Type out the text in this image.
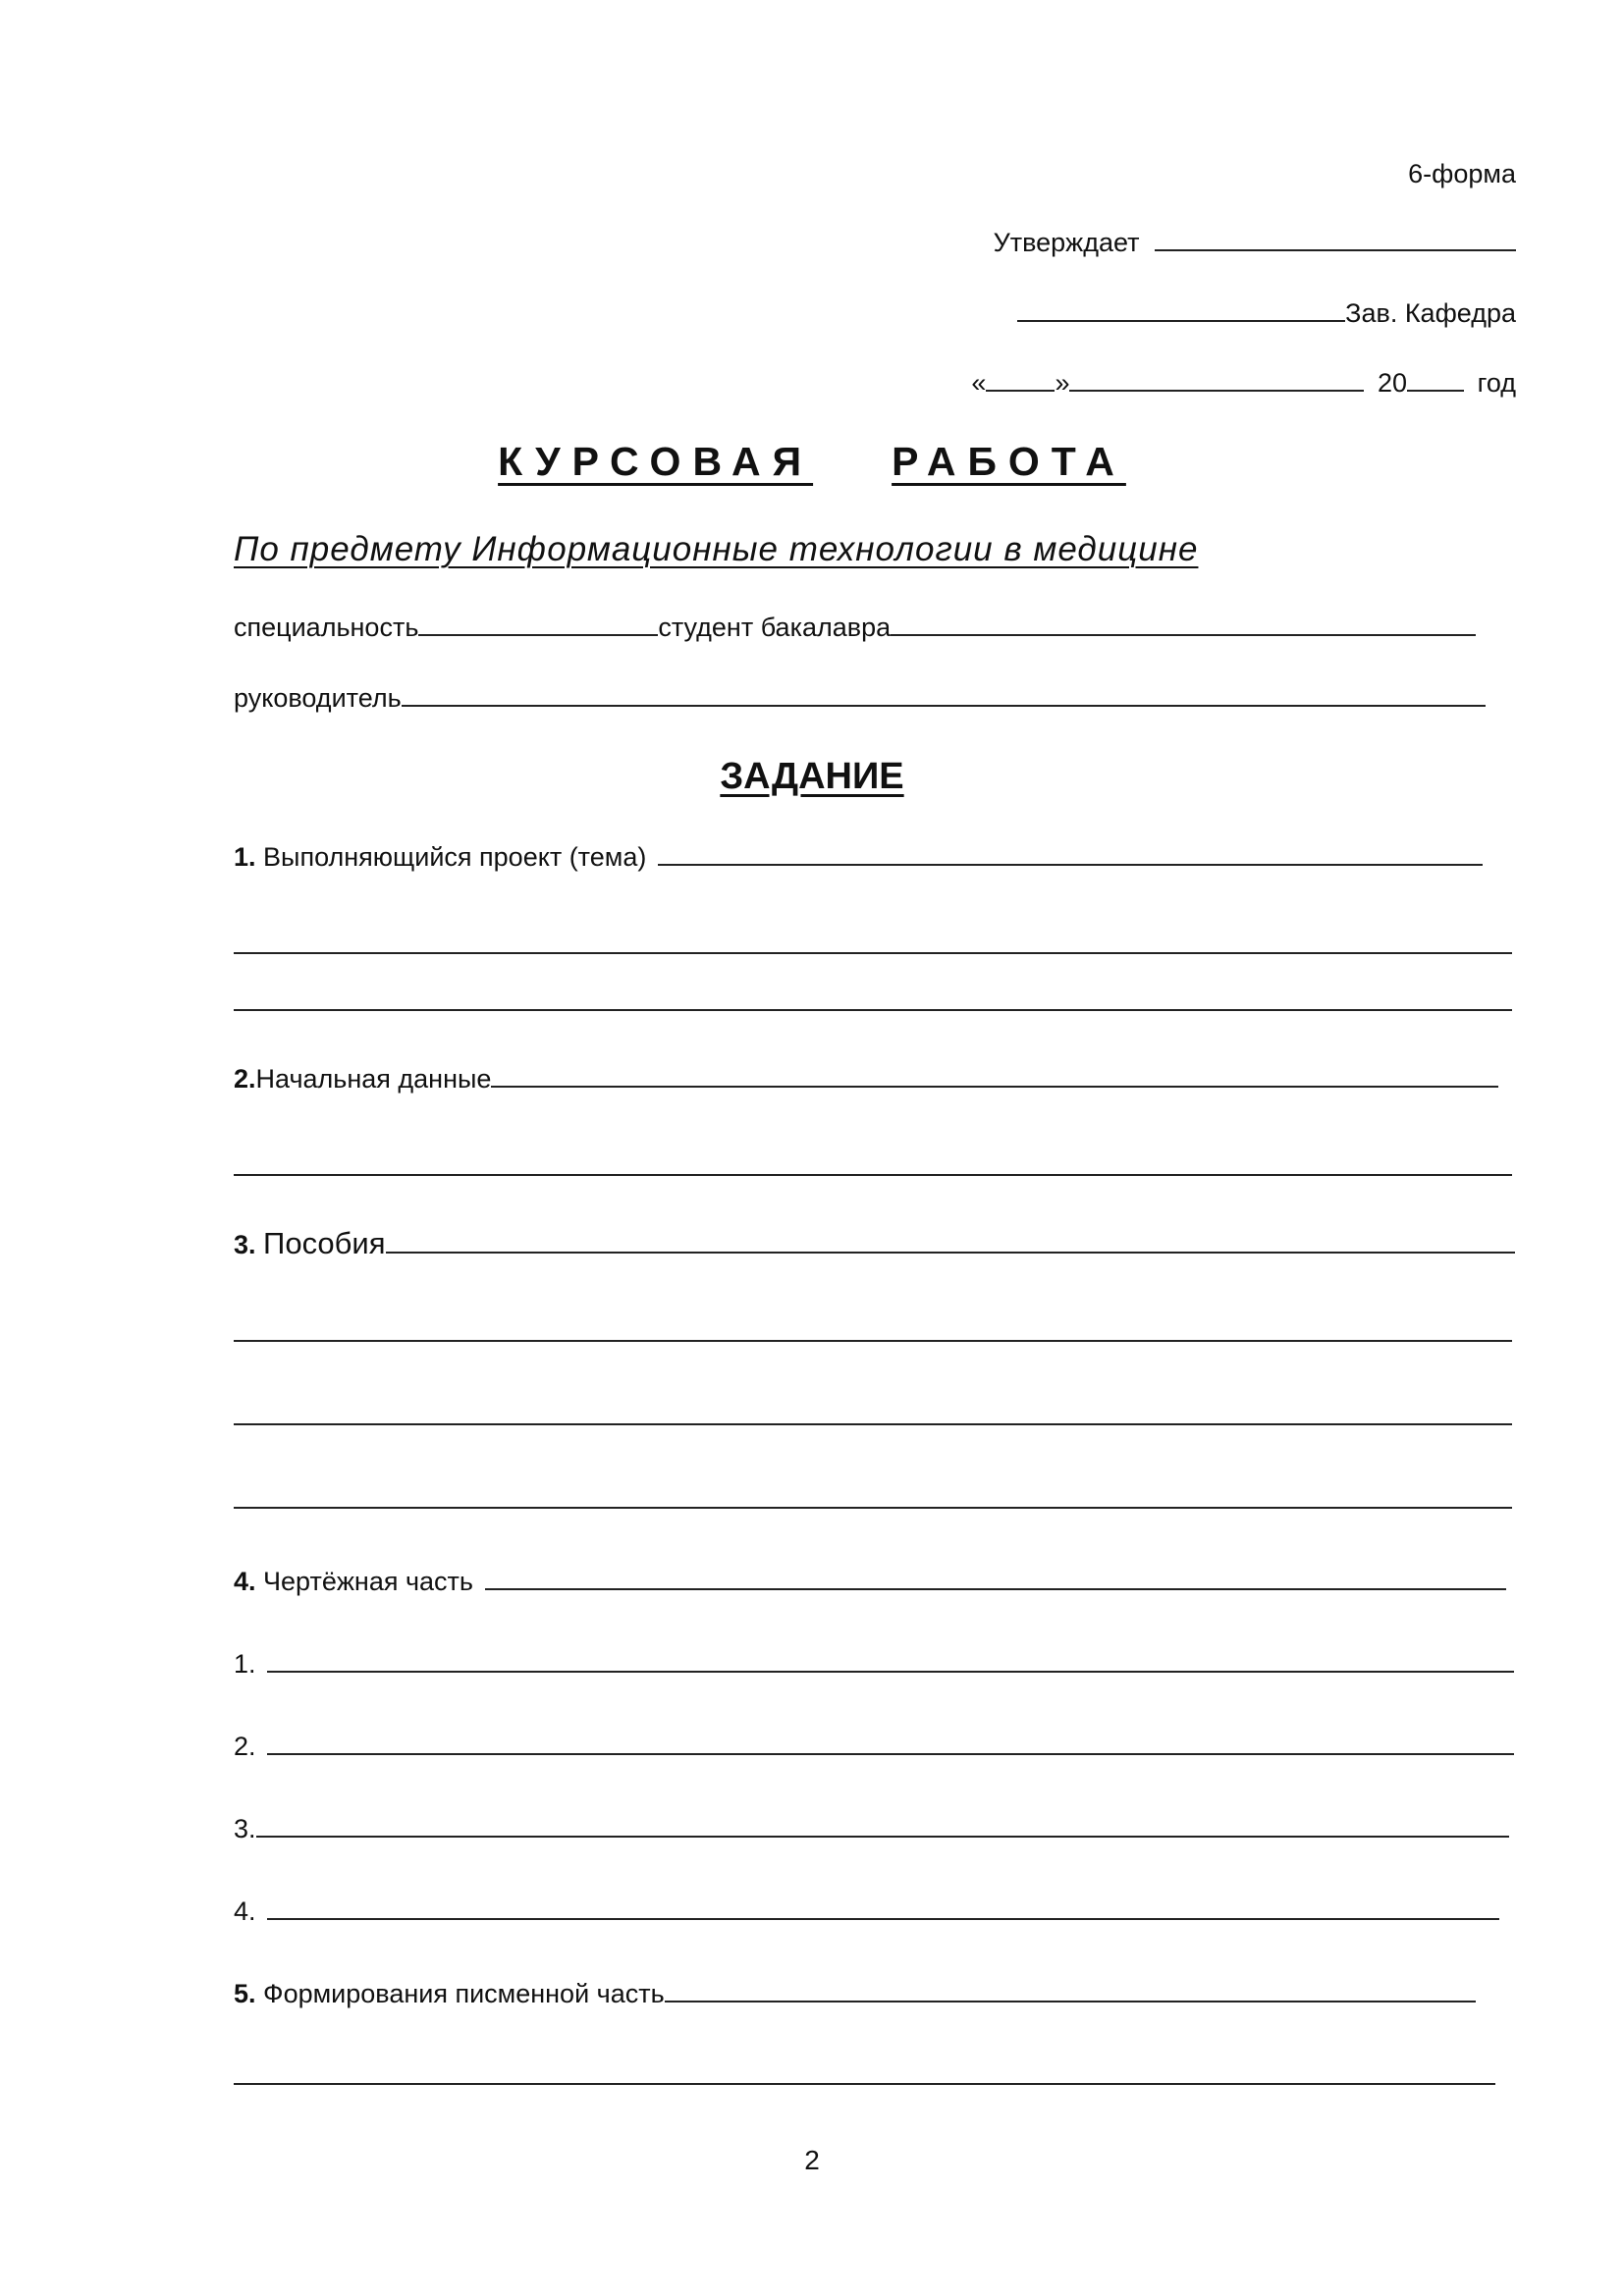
6-форма
Утверждает
Зав. Кафедра
«	»	20	год
КУРСОВАЯ РАБОТА
По предмету Информационные технологии в медицине
специальность	студент бакалавра
руководитель
ЗАДАНИЕ
1. Выполняющийся проект (тема)
2.Начальная данные
3. Пособия
4. Чертёжная часть
1.
2.
3.
4.
5. Формирования писменной часть
2
